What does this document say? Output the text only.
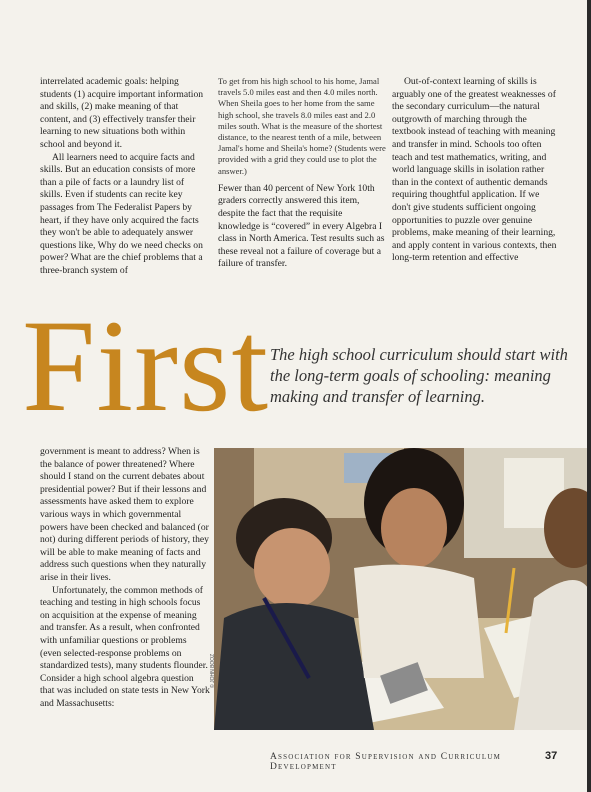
interrelated academic goals: helping students (1) acquire important information and skills, (2) make meaning of that content, and (3) effectively transfer their learning to new situations both within school and beyond it.

All learners need to acquire facts and skills. But an education consists of more than a pile of facts or a laundry list of skills. Even if students can recite key passages from The Federalist Papers by heart, if they have only acquired the facts they won't be able to adequately answer questions like, Why do we need checks on power? What are the chief problems that a three-branch system of

To get from his high school to his home, Jamal travels 5.0 miles east and then 4.0 miles north. When Sheila goes to her home from the same high school, she travels 8.0 miles east and 2.0 miles south. What is the measure of the shortest distance, to the nearest tenth of a mile, between Jamal's home and Sheila's home? (Students were provided with a grid they could use to plot the answer.)

Fewer than 40 percent of New York 10th graders correctly answered this item, despite the fact that the requisite knowledge is “covered” in every Algebra I class in North America. Test results such as these reveal not a failure of coverage but a failure of transfer.

Out-of-context learning of skills is arguably one of the greatest weaknesses of the secondary curriculum—the natural outgrowth of marching through the textbook instead of teaching with meaning and transfer in mind. Schools too often teach and test mathematics, writing, and world language skills in isolation rather than in the context of authentic demands requiring thoughtful application. If we don't give students sufficient ongoing opportunities to puzzle over genuine problems, make meaning of their learning, and apply content in various contexts, then long-term retention and effective

First The high school curriculum should start with the long-term goals of schooling: meaning making and transfer of learning.

government is meant to address? When is the balance of power threatened? Where should I stand on the current debates about presidential power? But if their lessons and assessments have asked them to explore various ways in which governmental powers have been checked and balanced (or not) during different periods of history, they will be able to make meaning of facts and address such questions when they naturally arise in their lives.

Unfortunately, the common methods of teaching and testing in high schools focus on acquisition at the expense of meaning and transfer. As a result, when confronted with unfamiliar questions or problems (even selected-response problems on standardized tests), many students flounder. Consider a high school algebra question that was included on state tests in New York and Massachusetts:

© JOHN BOOZ
Association for Supervision and Curriculum Development
37
